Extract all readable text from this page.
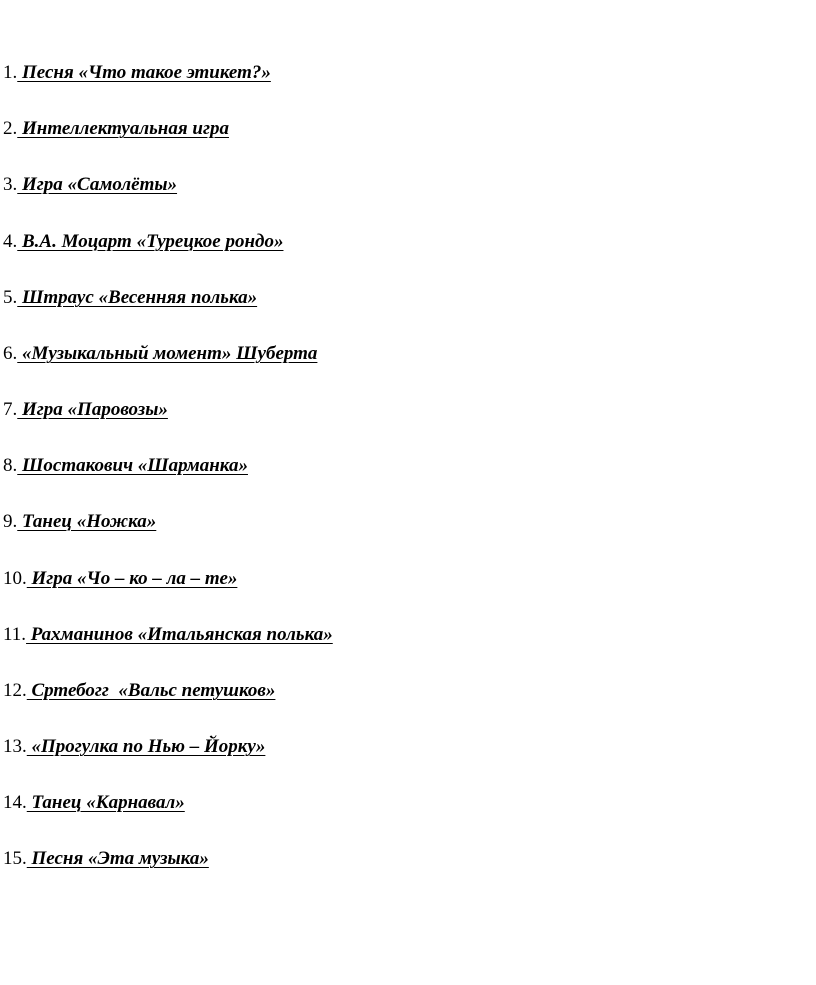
1. Песня «Что такое этикет?»
2. Интеллектуальная игра
3. Игра «Самолёты»
4. В.А. Моцарт «Турецкое рондо»
5. Штраус «Весенняя полька»
6. «Музыкальный момент» Шуберта
7. Игра «Паровозы»
8. Шостакович «Шарманка»
9. Танец «Ножка»
10. Игра «Чо – ко – ла – те»
11. Рахманинов «Итальянская полька»
12. Сртебогг  «Вальс петушков»
13. «Прогулка по Нью – Йорку»
14. Танец «Карнавал»
15. Песня «Эта музыка»
